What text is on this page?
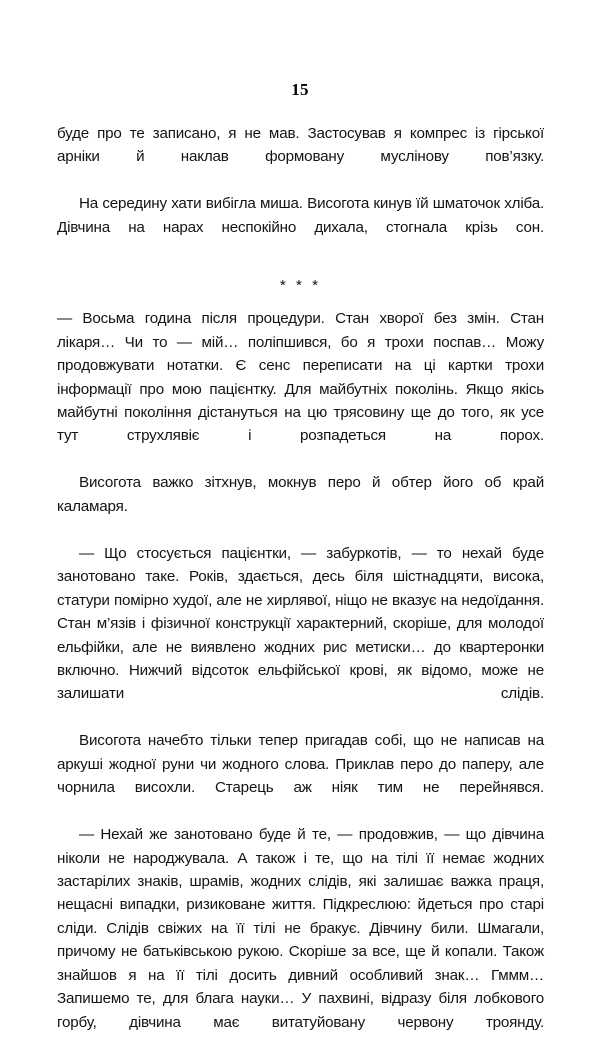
15

буде про те записано, я не мав. Застосував я компрес із гірської арніки й наклав формовану муслінову пов’язку.

На середину хати вибігла миша. Висогота кинув їй шматочок хліба. Дівчина на нарах неспокійно дихала, стогнала крізь сон.

* * *

— Восьма година після процедури. Стан хворої без змін. Стан лікаря… Чи то — мій… поліпшився, бо я трохи поспав… Можу продовжувати нотатки. Є сенс переписати на ці картки трохи інформації про мою пацієнтку. Для майбутніх поколінь. Якщо якісь майбутні покоління дістануться на цю трясовину ще до того, як усе тут струхлявіє і розпадеться на порох.

Висогота важко зітхнув, мокнув перо й обтер його об край каламаря.

— Що стосується пацієнтки, — забуркотів, — то нехай буде занотовано таке. Років, здається, десь біля шістнадцяти, висока, статури помірно худої, але не хирлявої, ніщо не вказує на недоїдання. Стан м’язів і фізичної конструкції характерний, скоріше, для молодої ельфійки, але не виявлено жодних рис метиски… до квартеронки включно. Нижчий відсоток ельфійської крові, як відомо, може не залишати слідів.

Висогота начебто тільки тепер пригадав собі, що не написав на аркуші жодної руни чи жодного слова. Приклав перо до паперу, але чорнила висохли. Старець аж ніяк тим не перейнявся.

— Нехай же занотовано буде й те, — продовжив, — що дівчина ніколи не народжувала. А також і те, що на тілі її немає жодних застарілих знаків, шрамів, жодних слідів, які залишає важка праця, нещасні випадки, ризиковане життя. Підкреслюю: йдеться про старі сліди. Слідів свіжих на її тілі не бракує. Дівчину били. Шмагали, причому не батьківською рукою. Скоріше за все, ще й копали. Також знайшов я на її тілі досить дивний особливий знак… Гммм… Запишемо те, для блага науки… У пахвині, відразу біля лобкового горбу, дівчина має витатуйовану червону троянду.
